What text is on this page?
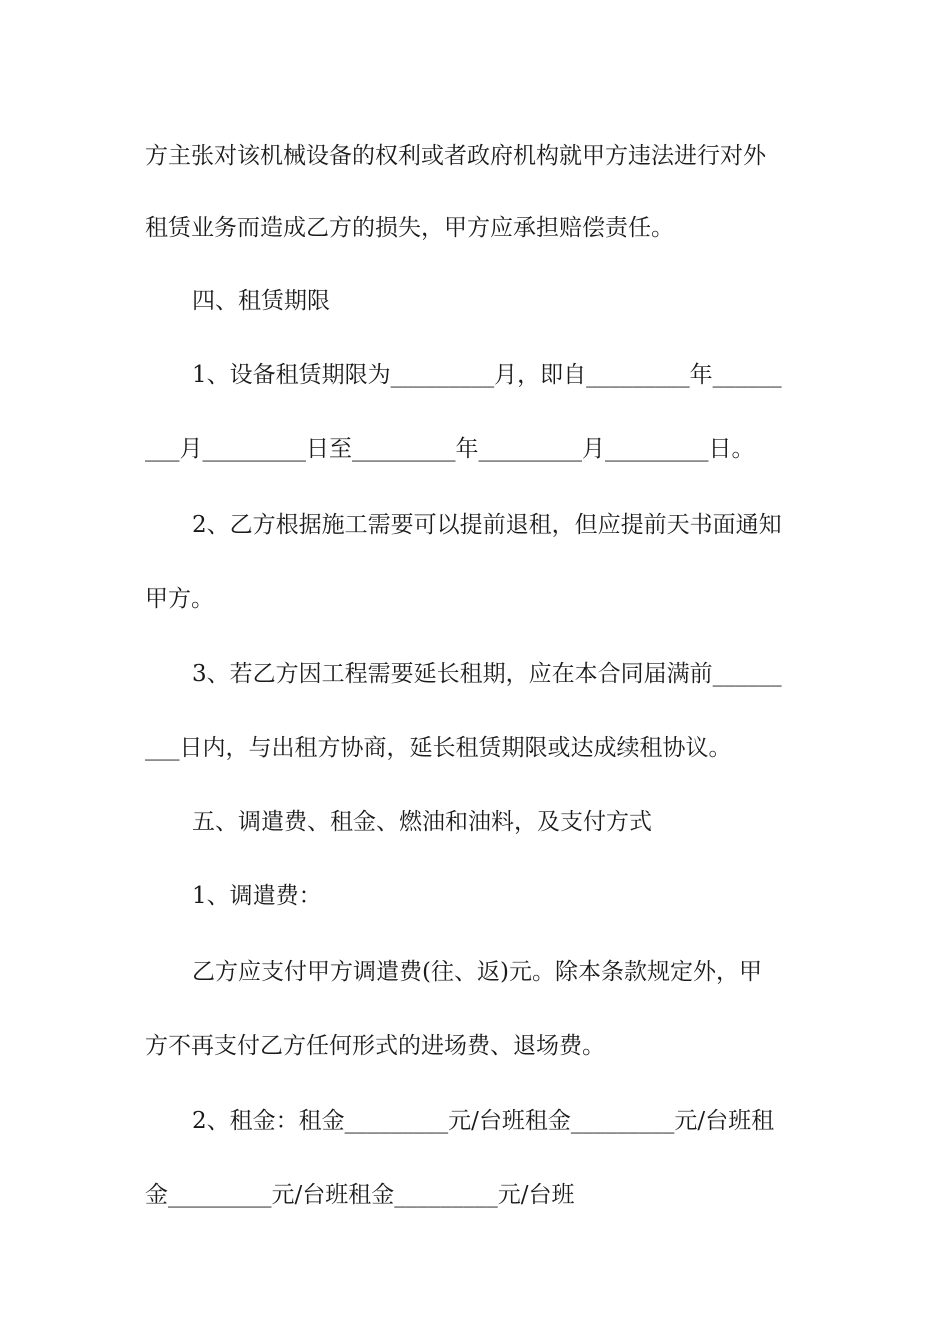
方主张对该机械设备的权利或者政府机构就甲方违法进行对外

租赁业务而造成乙方的损失，甲方应承担赔偿责任。

四、租赁期限

1、设备租赁期限为_________月，即自_________年______

___月_________日至_________年_________月_________日。

2、乙方根据施工需要可以提前退租，但应提前天书面通知

甲方。

3、若乙方因工程需要延长租期，应在本合同届满前______

___日内，与出租方协商，延长租赁期限或达成续租协议。

五、调遣费、租金、燃油和油料，及支付方式

1、调遣费：

乙方应支付甲方调遣费(往、返)元。除本条款规定外，甲

方不再支付乙方任何形式的进场费、退场费。

2、租金：租金_________元/台班租金_________元/台班租

金_________元/台班租金_________元/台班
